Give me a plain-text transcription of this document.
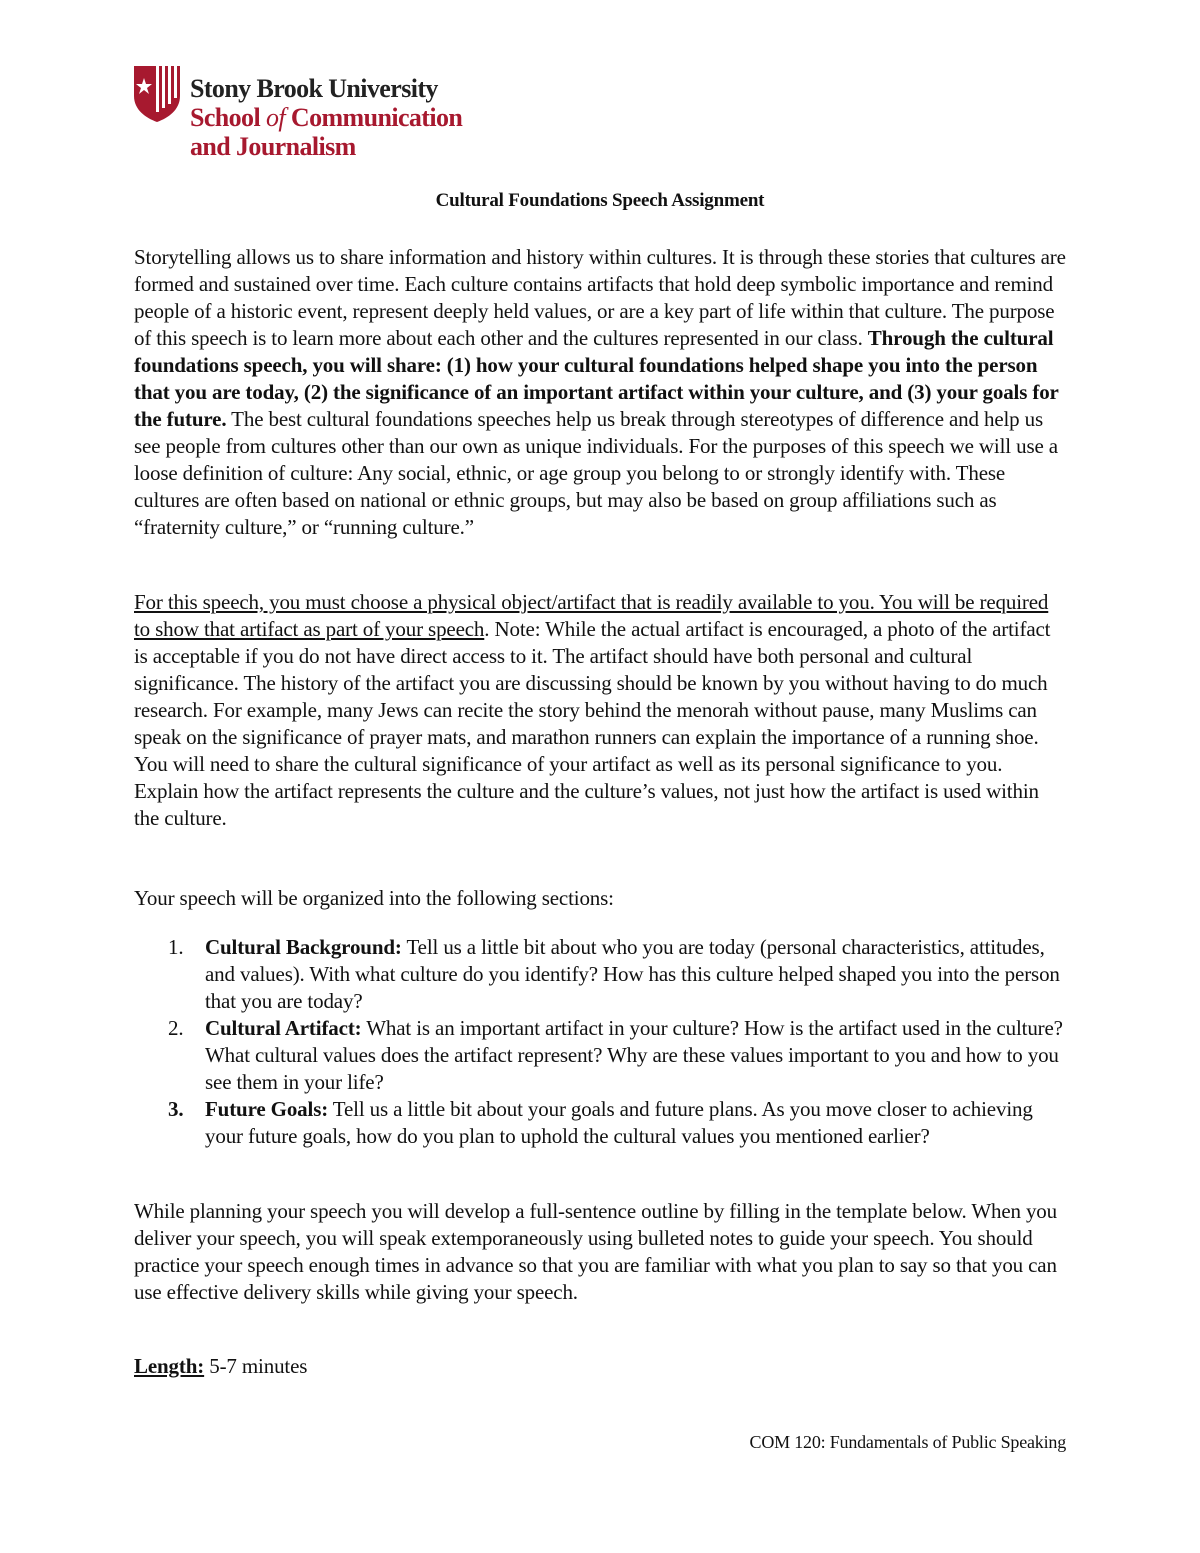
Stony Brook University
School of Communication
and Journalism
Cultural Foundations Speech Assignment
Storytelling allows us to share information and history within cultures. It is through these stories that cultures are formed and sustained over time. Each culture contains artifacts that hold deep symbolic importance and remind people of a historic event, represent deeply held values, or are a key part of life within that culture. The purpose of this speech is to learn more about each other and the cultures represented in our class. Through the cultural foundations speech, you will share: (1) how your cultural foundations helped shape you into the person that you are today, (2) the significance of an important artifact within your culture, and (3) your goals for the future. The best cultural foundations speeches help us break through stereotypes of difference and help us see people from cultures other than our own as unique individuals. For the purposes of this speech we will use a loose definition of culture: Any social, ethnic, or age group you belong to or strongly identify with. These cultures are often based on national or ethnic groups, but may also be based on group affiliations such as “fraternity culture,” or “running culture.”
For this speech, you must choose a physical object/artifact that is readily available to you. You will be required to show that artifact as part of your speech. Note: While the actual artifact is encouraged, a photo of the artifact is acceptable if you do not have direct access to it. The artifact should have both personal and cultural significance. The history of the artifact you are discussing should be known by you without having to do much research. For example, many Jews can recite the story behind the menorah without pause, many Muslims can speak on the significance of prayer mats, and marathon runners can explain the importance of a running shoe. You will need to share the cultural significance of your artifact as well as its personal significance to you. Explain how the artifact represents the culture and the culture’s values, not just how the artifact is used within the culture.
Your speech will be organized into the following sections:
1. Cultural Background: Tell us a little bit about who you are today (personal characteristics, attitudes, and values). With what culture do you identify? How has this culture helped shaped you into the person that you are today?
2. Cultural Artifact: What is an important artifact in your culture? How is the artifact used in the culture? What cultural values does the artifact represent? Why are these values important to you and how to you see them in your life?
3. Future Goals: Tell us a little bit about your goals and future plans. As you move closer to achieving your future goals, how do you plan to uphold the cultural values you mentioned earlier?
While planning your speech you will develop a full-sentence outline by filling in the template below. When you deliver your speech, you will speak extemporaneously using bulleted notes to guide your speech. You should practice your speech enough times in advance so that you are familiar with what you plan to say so that you can use effective delivery skills while giving your speech.
Length: 5-7 minutes
COM 120: Fundamentals of Public Speaking
